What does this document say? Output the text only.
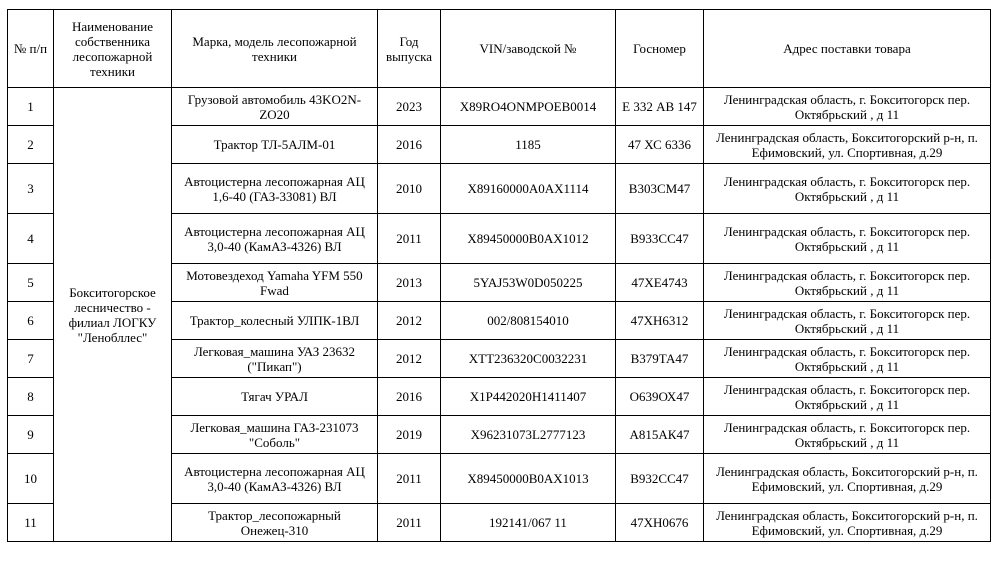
№ п/п	Наименование собственника лесопожарной техники	Марка, модель лесопожарной техники	Год выпуска	VIN/заводской №	Госномер	Адрес поставки товара
1	Бокситогорское лесничество - филиал ЛОГКУ "Ленобллес"	Грузовой автомобиль 43KO2N-ZO20	2023	X89RO4ONMPOEB0014	Е 332 АВ 147	Ленинградская область, г. Бокситогорск пер. Октябрьский , д 11
2		Трактор ТЛ-5АЛМ-01	2016	1185	47 ХС 6336	Ленинградская область, Бокситогорский р-н, п. Ефимовский, ул. Спортивная, д.29
3		Автоцистерна лесопожарная АЦ 1,6-40 (ГАЗ-33081) ВЛ	2010	X89160000A0AX1114	В303СМ47	Ленинградская область, г. Бокситогорск пер. Октябрьский , д 11
4		Автоцистерна лесопожарная АЦ 3,0-40 (КамАЗ-4326) ВЛ	2011	X89450000B0AX1012	В933СС47	Ленинградская область, г. Бокситогорск пер. Октябрьский , д 11
5		Мотовездеход Yamaha YFM 550 Fwad	2013	5YAJ53W0D050225	47ХЕ4743	Ленинградская область, г. Бокситогорск пер. Октябрьский , д 11
6		Трактор_колесный УЛПК-1ВЛ	2012	002/808154010	47ХН6312	Ленинградская область, г. Бокситогорск пер. Октябрьский , д 11
7		Легковая_машина УАЗ 23632 ("Пикап")	2012	XTT236320C0032231	В379ТА47	Ленинградская область, г. Бокситогорск пер. Октябрьский , д 11
8		Тягач УРАЛ	2016	X1P442020H1411407	О639ОХ47	Ленинградская область, г. Бокситогорск пер. Октябрьский , д 11
9		Легковая_машина ГАЗ-231073 "Соболь"	2019	X96231073L2777123	А815АК47	Ленинградская область, г. Бокситогорск пер. Октябрьский , д 11
10		Автоцистерна лесопожарная АЦ 3,0-40 (КамАЗ-4326) ВЛ	2011	X89450000B0AX1013	В932СС47	Ленинградская область, Бокситогорский р-н, п. Ефимовский, ул. Спортивная, д.29
11		Трактор_лесопожарный Онежец-310	2011	192141/067 11	47ХН0676	Ленинградская область, Бокситогорский р-н, п. Ефимовский, ул. Спортивная, д.29
